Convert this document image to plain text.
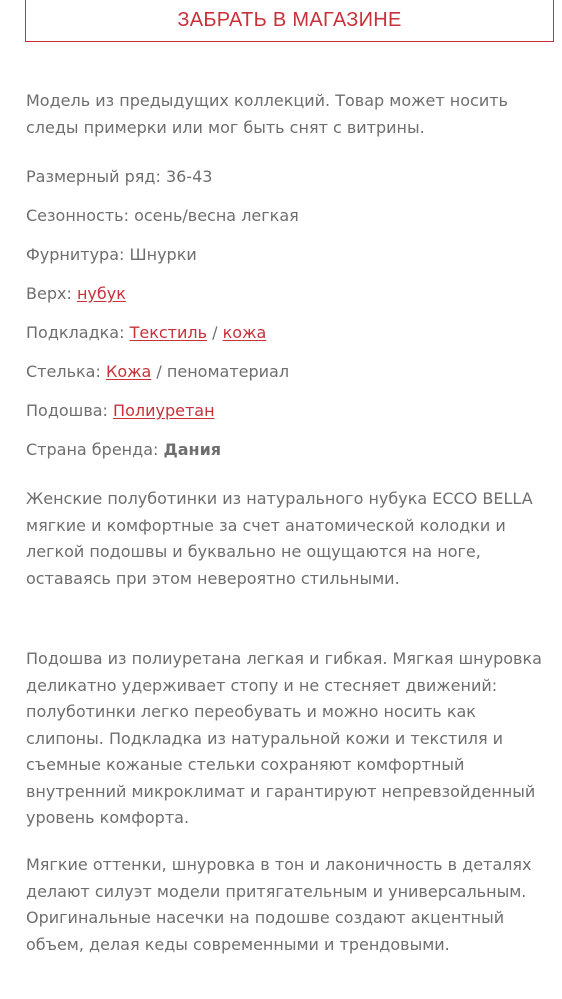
ЗАБРАТЬ В МАГАЗИНЕ

Модель из предыдущих коллекций. Товар может носить следы примерки или мог быть снят с витрины.

Размерный ряд: 36-43
Сезонность: осень/весна легкая
Фурнитура: Шнурки
Верх: нубук
Подкладка: Текстиль / кожа
Стелька: Кожа / пеноматериал
Подошва: Полиуретан
Страна бренда: Дания

Женские полуботинки из натурального нубука ECCO BELLA мягкие и комфортные за счет анатомической колодки и легкой подошвы и буквально не ощущаются на ноге, оставаясь при этом невероятно стильными.

Подошва из полиуретана легкая и гибкая. Мягкая шнуровка деликатно удерживает стопу и не стесняет движений: полуботинки легко переобувать и можно носить как слипоны. Подкладка из натуральной кожи и текстиля и съемные кожаные стельки сохраняют комфортный внутренний микроклимат и гарантируют непревзойденный уровень комфорта.

Мягкие оттенки, шнуровка в тон и лаконичность в деталях делают силуэт модели притягательным и универсальным. Оригинальные насечки на подошве создают акцентный объем, делая кеды современными и трендовыми.
